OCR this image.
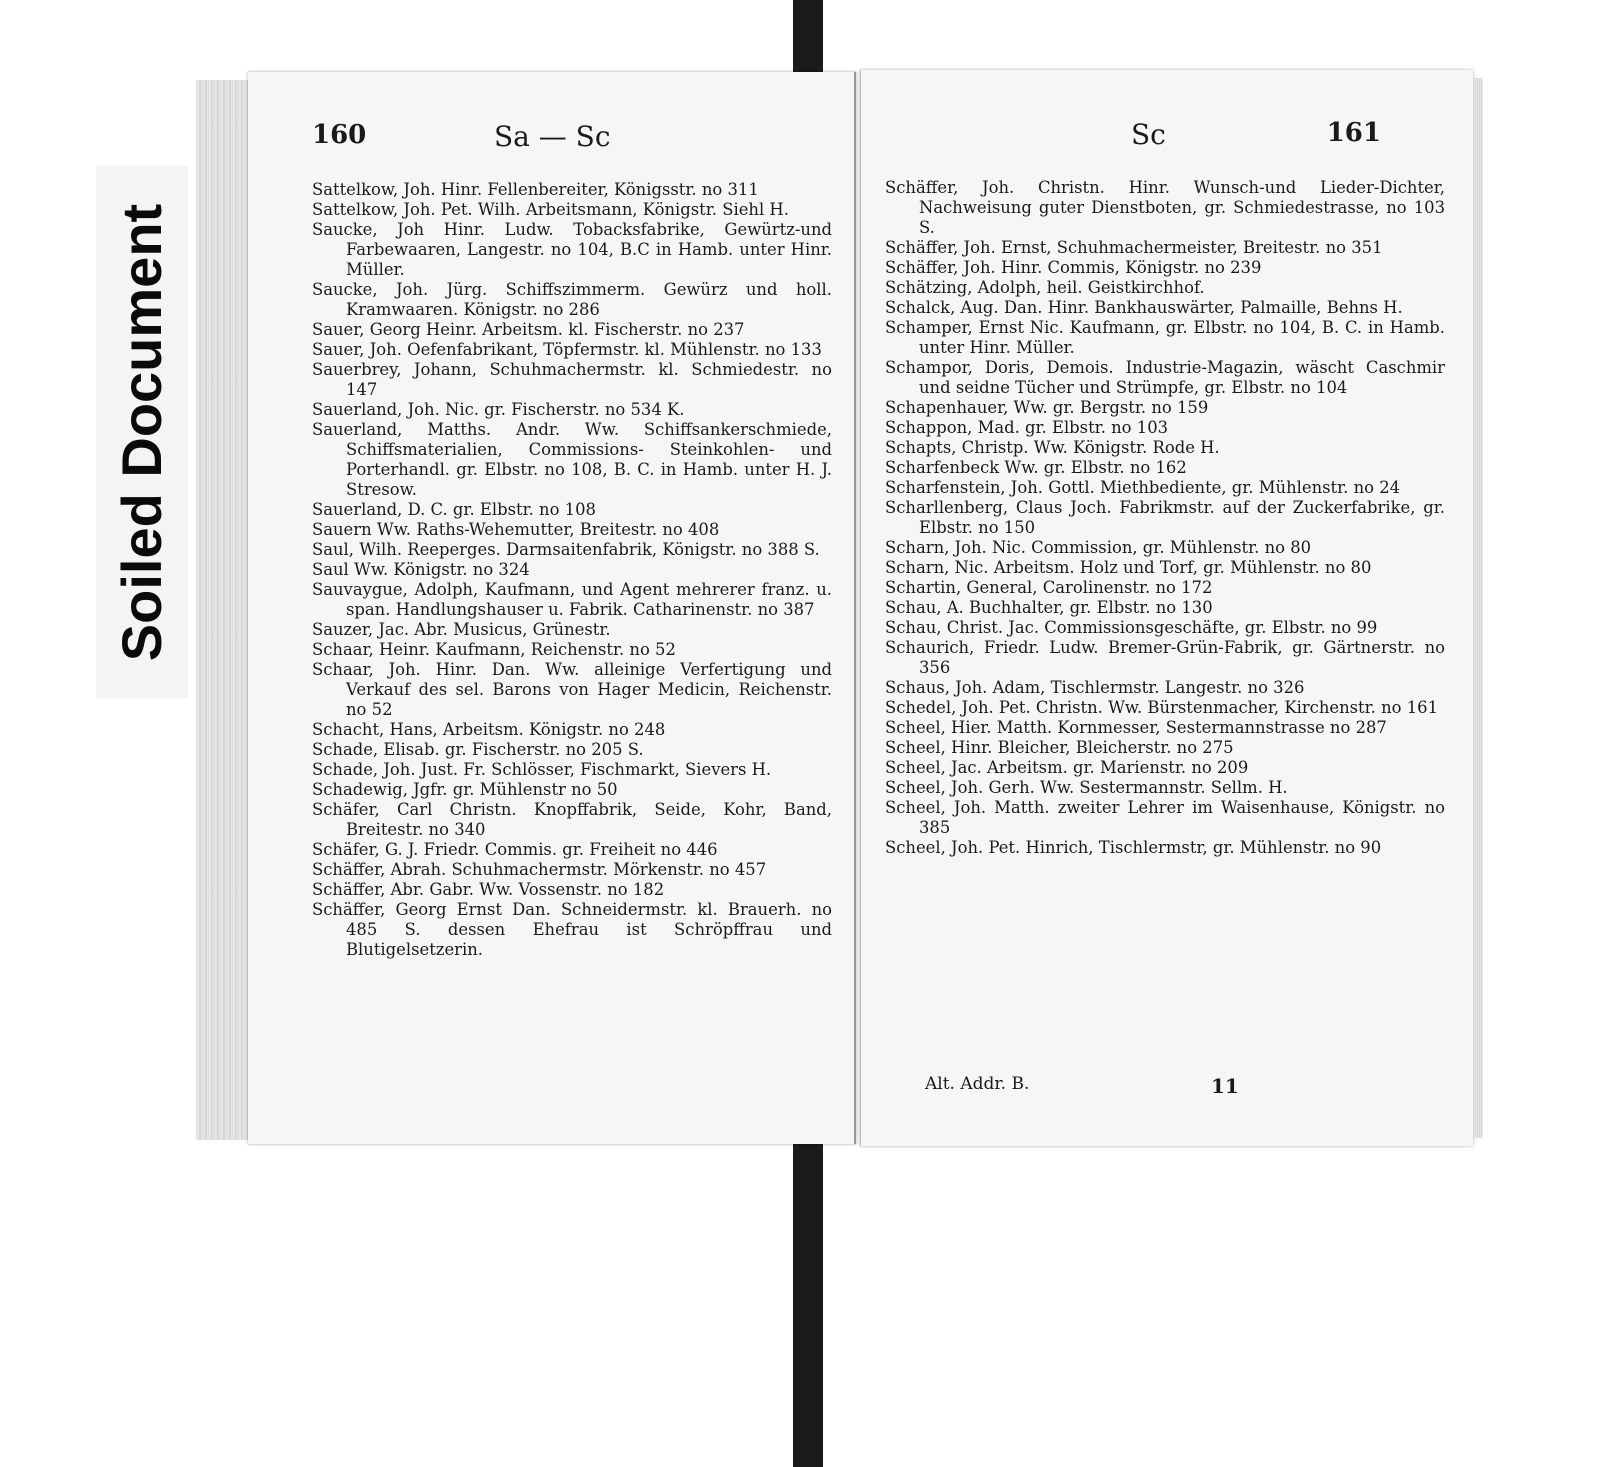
Soiled Document
160	Sa — Sc

Sattelkow, Joh. Hinr. Fellenbereiter, Königsstr. no 311

Sattelkow, Joh. Pet. Wilh. Arbeitsmann, Königstr. Siehl H.

Saucke, Joh Hinr. Ludw. Tobacksfabrike, Gewürtz-und Farbewaaren, Langestr. no 104, B.C in Hamb. unter Hinr. Müller.

Saucke, Joh. Jürg. Schiffszimmerm. Gewürz und holl. Kramwaaren. Königstr. no 286

Sauer, Georg Heinr. Arbeitsm. kl. Fischerstr. no 237

Sauer, Joh. Oefenfabrikant, Töpfermstr. kl. Mühlenstr. no 133

Sauerbrey, Johann, Schuhmachermstr. kl. Schmiedestr. no 147

Sauerland, Joh. Nic. gr. Fischerstr. no 534 K.

Sauerland, Matths. Andr. Ww. Schiffsankerschmiede, Schiffsmaterialien, Commissions- Steinkohlen- und Porterhandl. gr. Elbstr. no 108, B. C. in Hamb. unter H. J. Stresow.

Sauerland, D. C. gr. Elbstr. no 108

Sauern Ww. Raths-Wehemutter, Breitestr. no 408

Saul, Wilh. Reeperges. Darmsaitenfabrik, Königstr. no 388 S.

Saul Ww. Königstr. no 324

Sauvaygue, Adolph, Kaufmann, und Agent mehrerer franz. u. span. Handlungshauser u. Fabrik. Catharinenstr. no 387

Sauzer, Jac. Abr. Musicus, Grünestr.

Schaar, Heinr. Kaufmann, Reichenstr. no 52

Schaar, Joh. Hinr. Dan. Ww. alleinige Verfertigung und Verkauf des sel. Barons von Hager Medicin, Reichenstr. no 52

Schacht, Hans, Arbeitsm. Königstr. no 248

Schade, Elisab. gr. Fischerstr. no 205 S.

Schade, Joh. Just. Fr. Schlösser, Fischmarkt, Sievers H.

Schadewig, Jgfr. gr. Mühlenstr no 50

Schäfer, Carl Christn. Knopffabrik, Seide, Kohr, Band, Breitestr. no 340

Schäfer, G. J. Friedr. Commis. gr. Freiheit no 446

Schäffer, Abrah. Schuhmachermstr. Mörkenstr. no 457

Schäffer, Abr. Gabr. Ww. Vossenstr. no 182

Schäffer, Georg Ernst Dan. Schneidermstr. kl. Brauerh. no 485 S. dessen Ehefrau ist Schröpffrau und Blutigelsetzerin.

Sc	161

Schäffer, Joh. Christn. Hinr. Wunsch-und Lieder-Dichter, Nachweisung guter Dienstboten, gr. Schmiedestrasse, no 103 S.

Schäffer, Joh. Ernst, Schuhmachermeister, Breitestr. no 351

Schäffer, Joh. Hinr. Commis, Königstr. no 239

Schätzing, Adolph, heil. Geistkirchhof.

Schalck, Aug. Dan. Hinr. Bankhauswärter, Palmaille, Behns H.

Schamper, Ernst Nic. Kaufmann, gr. Elbstr. no 104, B. C. in Hamb. unter Hinr. Müller.

Schampor, Doris, Demois. Industrie-Magazin, wäscht Caschmir und seidne Tücher und Strümpfe, gr. Elbstr. no 104

Schapenhauer, Ww. gr. Bergstr. no 159

Schappon, Mad. gr. Elbstr. no 103

Schapts, Christp. Ww. Königstr. Rode H.

Scharfenbeck Ww. gr. Elbstr. no 162

Scharfenstein, Joh. Gottl. Miethbediente, gr. Mühlenstr. no 24

Scharllenberg, Claus Joch. Fabrikmstr. auf der Zuckerfabrike, gr. Elbstr. no 150

Scharn, Joh. Nic. Commission, gr. Mühlenstr. no 80

Scharn, Nic. Arbeitsm. Holz und Torf, gr. Mühlenstr. no 80

Schartin, General, Carolinenstr. no 172

Schau, A. Buchhalter, gr. Elbstr. no 130

Schau, Christ. Jac. Commissionsgeschäfte, gr. Elbstr. no 99

Schaurich, Friedr. Ludw. Bremer-Grün-Fabrik, gr. Gärtnerstr. no 356

Schaus, Joh. Adam, Tischlermstr. Langestr. no 326

Schedel, Joh. Pet. Christn. Ww. Bürstenmacher, Kirchenstr. no 161

Scheel, Hier. Matth. Kornmesser, Sestermannstrasse no 287

Scheel, Hinr. Bleicher, Bleicherstr. no 275

Scheel, Jac. Arbeitsm. gr. Marienstr. no 209

Scheel, Joh. Gerh. Ww. Sestermannstr. Sellm. H.

Scheel, Joh. Matth. zweiter Lehrer im Waisenhause, Königstr. no 385

Scheel, Joh. Pet. Hinrich, Tischlermstr, gr. Mühlenstr. no 90

Alt. Addr. B.	11
